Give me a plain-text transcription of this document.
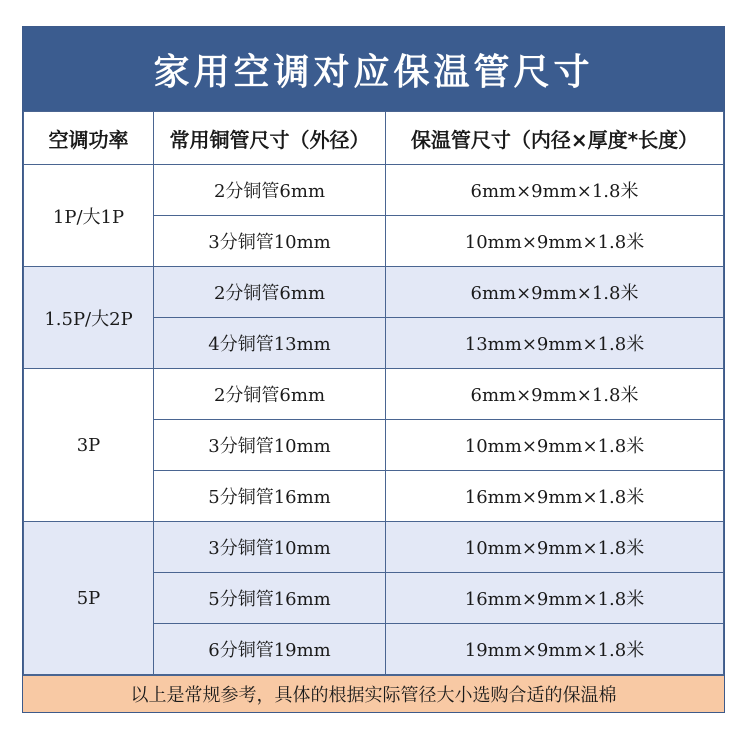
家用空调对应保温管尺寸
空调功率	常用铜管尺寸（外径）	保温管尺寸（内径×厚度*长度）
1P/大1P	2分铜管6mm	6mm×9mm×1.8米
	3分铜管10mm	10mm×9mm×1.8米
1.5P/大2P	2分铜管6mm	6mm×9mm×1.8米
	4分铜管13mm	13mm×9mm×1.8米
3P	2分铜管6mm	6mm×9mm×1.8米
	3分铜管10mm	10mm×9mm×1.8米
	5分铜管16mm	16mm×9mm×1.8米
5P	3分铜管10mm	10mm×9mm×1.8米
	5分铜管16mm	16mm×9mm×1.8米
	6分铜管19mm	19mm×9mm×1.8米
以上是常规参考，具体的根据实际管径大小选购合适的保温棉
